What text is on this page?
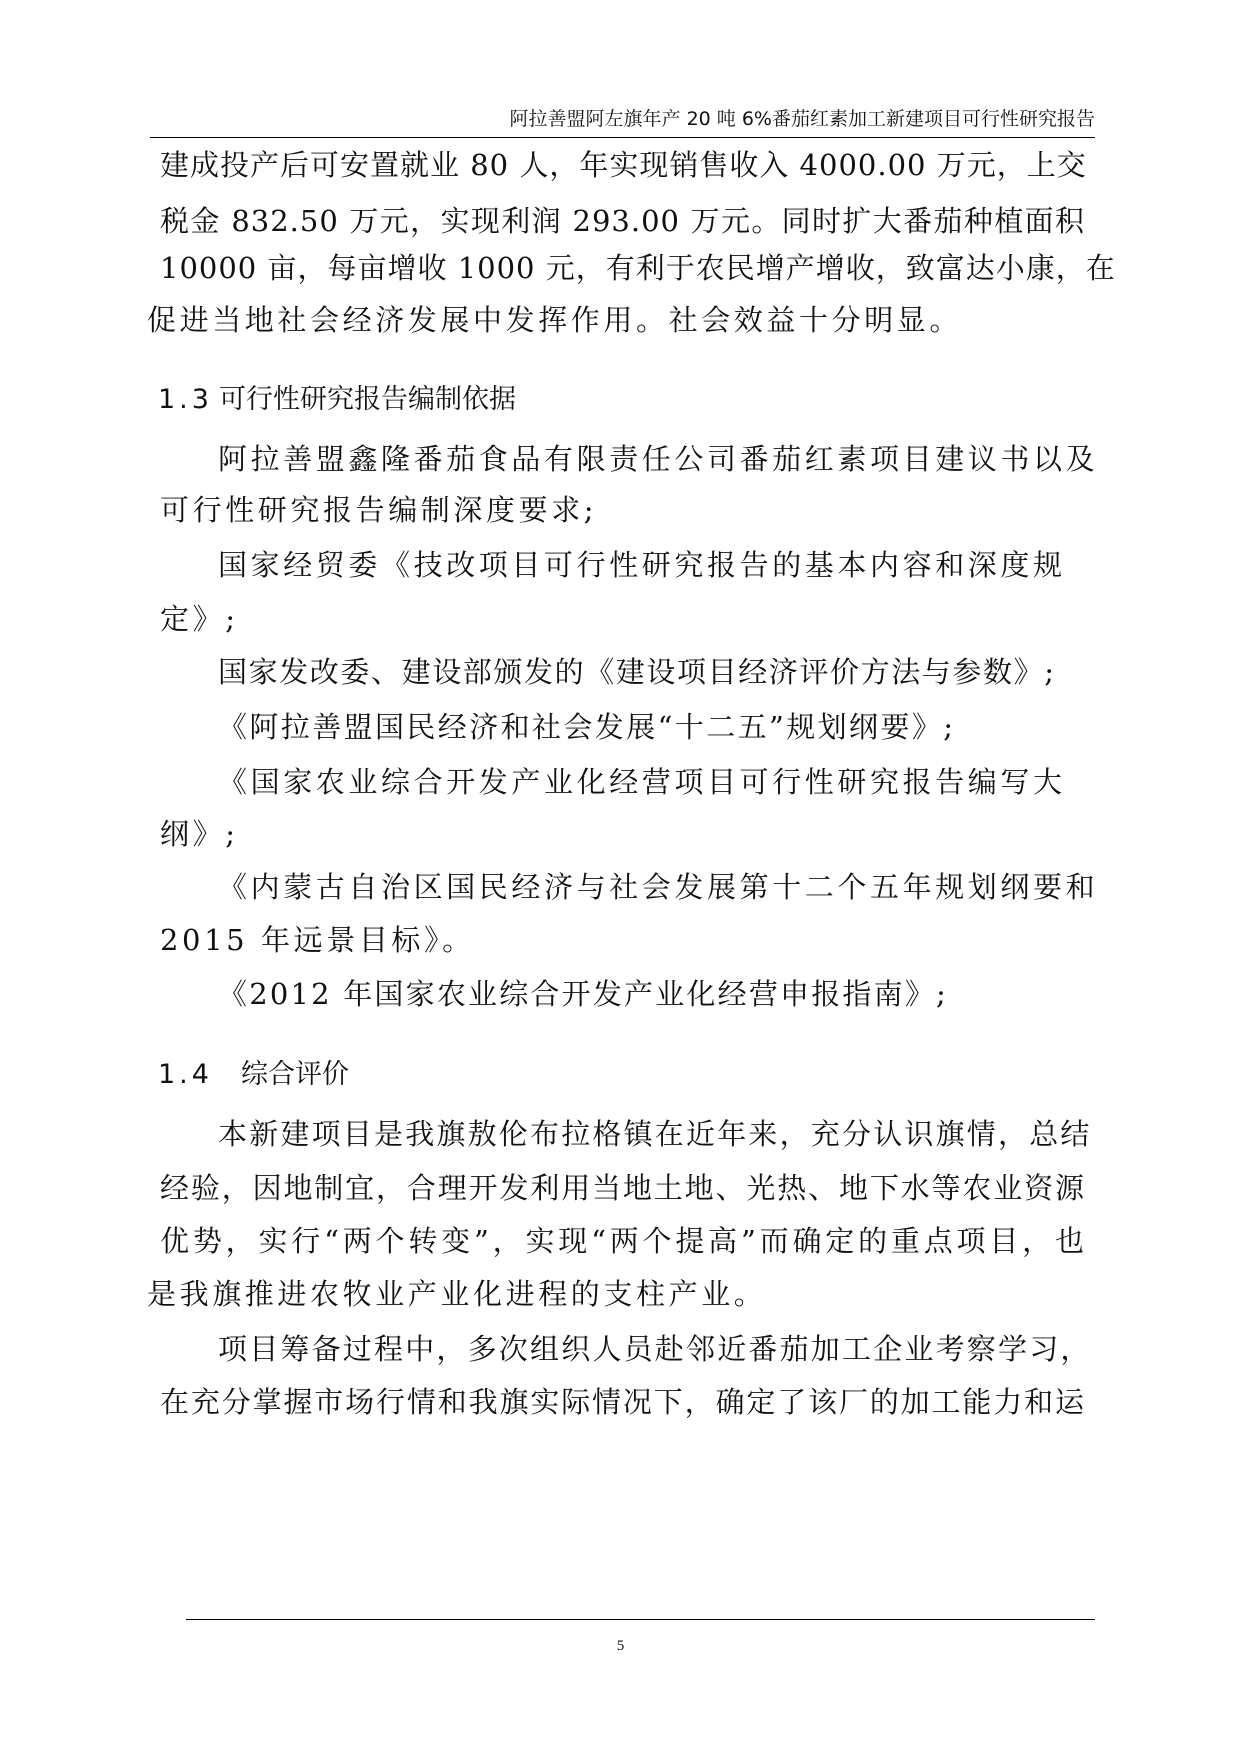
阿拉善盟阿左旗年产 20 吨 6%番茄红素加工新建项目可行性研究报告
建成投产后可安置就业 80 人，年实现销售收入 4000.00 万元，上交
税金 832.50 万元，实现利润 293.00 万元。同时扩大番茄种植面积
10000 亩，每亩增收 1000 元，有利于农民增产增收，致富达小康，在
促进当地社会经济发展中发挥作用。社会效益十分明显。
1.3 可行性研究报告编制依据
阿拉善盟鑫隆番茄食品有限责任公司番茄红素项目建议书以及
可行性研究报告编制深度要求;
国家经贸委《技改项目可行性研究报告的基本内容和深度规
定》;
国家发改委、建设部颁发的《建设项目经济评价方法与参数》;
《阿拉善盟国民经济和社会发展“十二五”规划纲要》;
《国家农业综合开发产业化经营项目可行性研究报告编写大
纲》;
《内蒙古自治区国民经济与社会发展第十二个五年规划纲要和
2015 年远景目标》。
《2012 年国家农业综合开发产业化经营申报指南》;
1.4 综合评价
本新建项目是我旗敖伦布拉格镇在近年来，充分认识旗情，总结
经验，因地制宜，合理开发利用当地土地、光热、地下水等农业资源
优势，实行“两个转变”，实现“两个提高”而确定的重点项目，也
是我旗推进农牧业产业化进程的支柱产业。
项目筹备过程中，多次组织人员赴邻近番茄加工企业考察学习，
在充分掌握市场行情和我旗实际情况下，确定了该厂的加工能力和运
5
